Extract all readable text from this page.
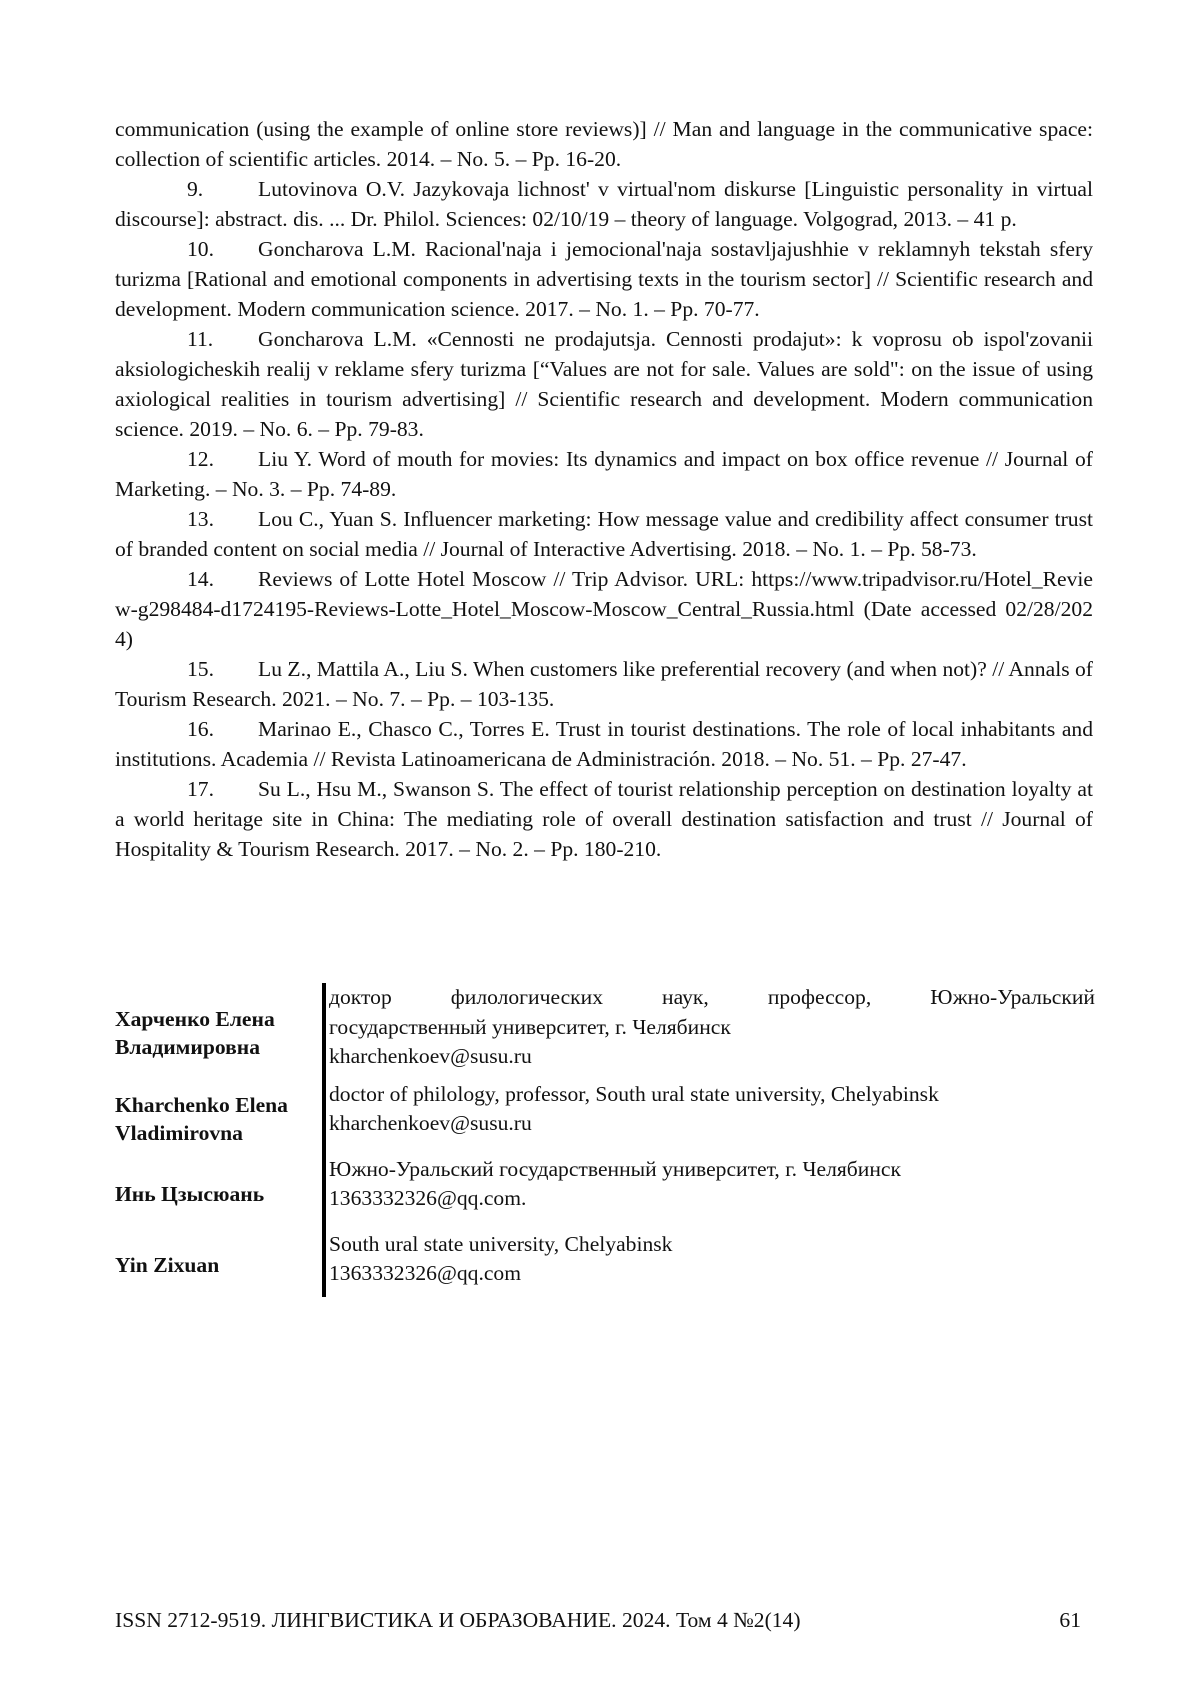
communication (using the example of online store reviews)] // Man and language in the communicative space: collection of scientific articles. 2014. – No. 5. – Pp. 16-20.

9.	Lutovinova O.V. Jazykovaja lichnost' v virtual'nom diskurse [Linguistic personality in virtual discourse]: abstract. dis. ... Dr. Philol. Sciences: 02/10/19 – theory of language. Volgograd, 2013. – 41 p.

10. Goncharova L.M. Racional'naja i jemocional'naja sostavljajushhie v reklamnyh tekstah sfery turizma [Rational and emotional components in advertising texts in the tourism sector] // Scientific research and development. Modern communication science. 2017. – No. 1. – Pp. 70-77.

11. Goncharova L.M. «Cennosti ne prodajutsja. Cennosti prodajut»: k voprosu ob ispol'zovanii aksiologicheskih realij v reklame sfery turizma [“Values are not for sale. Values are sold": on the issue of using axiological realities in tourism advertising] // Scientific research and development. Modern communication science. 2019. – No. 6. – Pp. 79-83.

12. Liu Y. Word of mouth for movies: Its dynamics and impact on box office revenue // Journal of Marketing. – No. 3. – Pp. 74-89.

13. Lou C., Yuan S. Influencer marketing: How message value and credibility affect consumer trust of branded content on social media // Journal of Interactive Advertising. 2018. – No. 1. – Pp. 58-73.

14. Reviews of Lotte Hotel Moscow // Trip Advisor. URL: https://www.tripadvisor.ru/Hotel_Review-g298484-d1724195-Reviews-Lotte_Hotel_Moscow-Moscow_Central_Russia.html (Date accessed 02/28/2024)

15. Lu Z., Mattila A., Liu S. When customers like preferential recovery (and when not)? // Annals of Tourism Research. 2021. – No. 7. – Pp. – 103-135.

16. Marinao E., Chasco C., Torres E. Trust in tourist destinations. The role of local inhabitants and institutions. Academia // Revista Latinoamericana de Administración. 2018. – No. 51. – Pp. 27-47.

17. Su L., Hsu M., Swanson S. The effect of tourist relationship perception on destination loyalty at a world heritage site in China: The mediating role of overall destination satisfaction and trust // Journal of Hospitality & Tourism Research. 2017. – No. 2. – Pp. 180-210.

Харченко Елена
Владимировна
доктор филологических наук, профессор, Южно-Уральский
государственный университет, г. Челябинск
kharchenkoev@susu.ru
Kharchenko Elena
Vladimirovna
doctor of philology, professor, South ural state university, Chelyabinsk
kharchenkoev@susu.ru
Инь Цзысюань
Южно-Уральский государственный университет, г. Челябинск
1363332326@qq.com.
Yin Zixuan
South ural state university, Chelyabinsk
1363332326@qq.com
ISSN 2712-9519. ЛИНГВИСТИКА И ОБРАЗОВАНИЕ. 2024. Том 4 №2(14)	61
